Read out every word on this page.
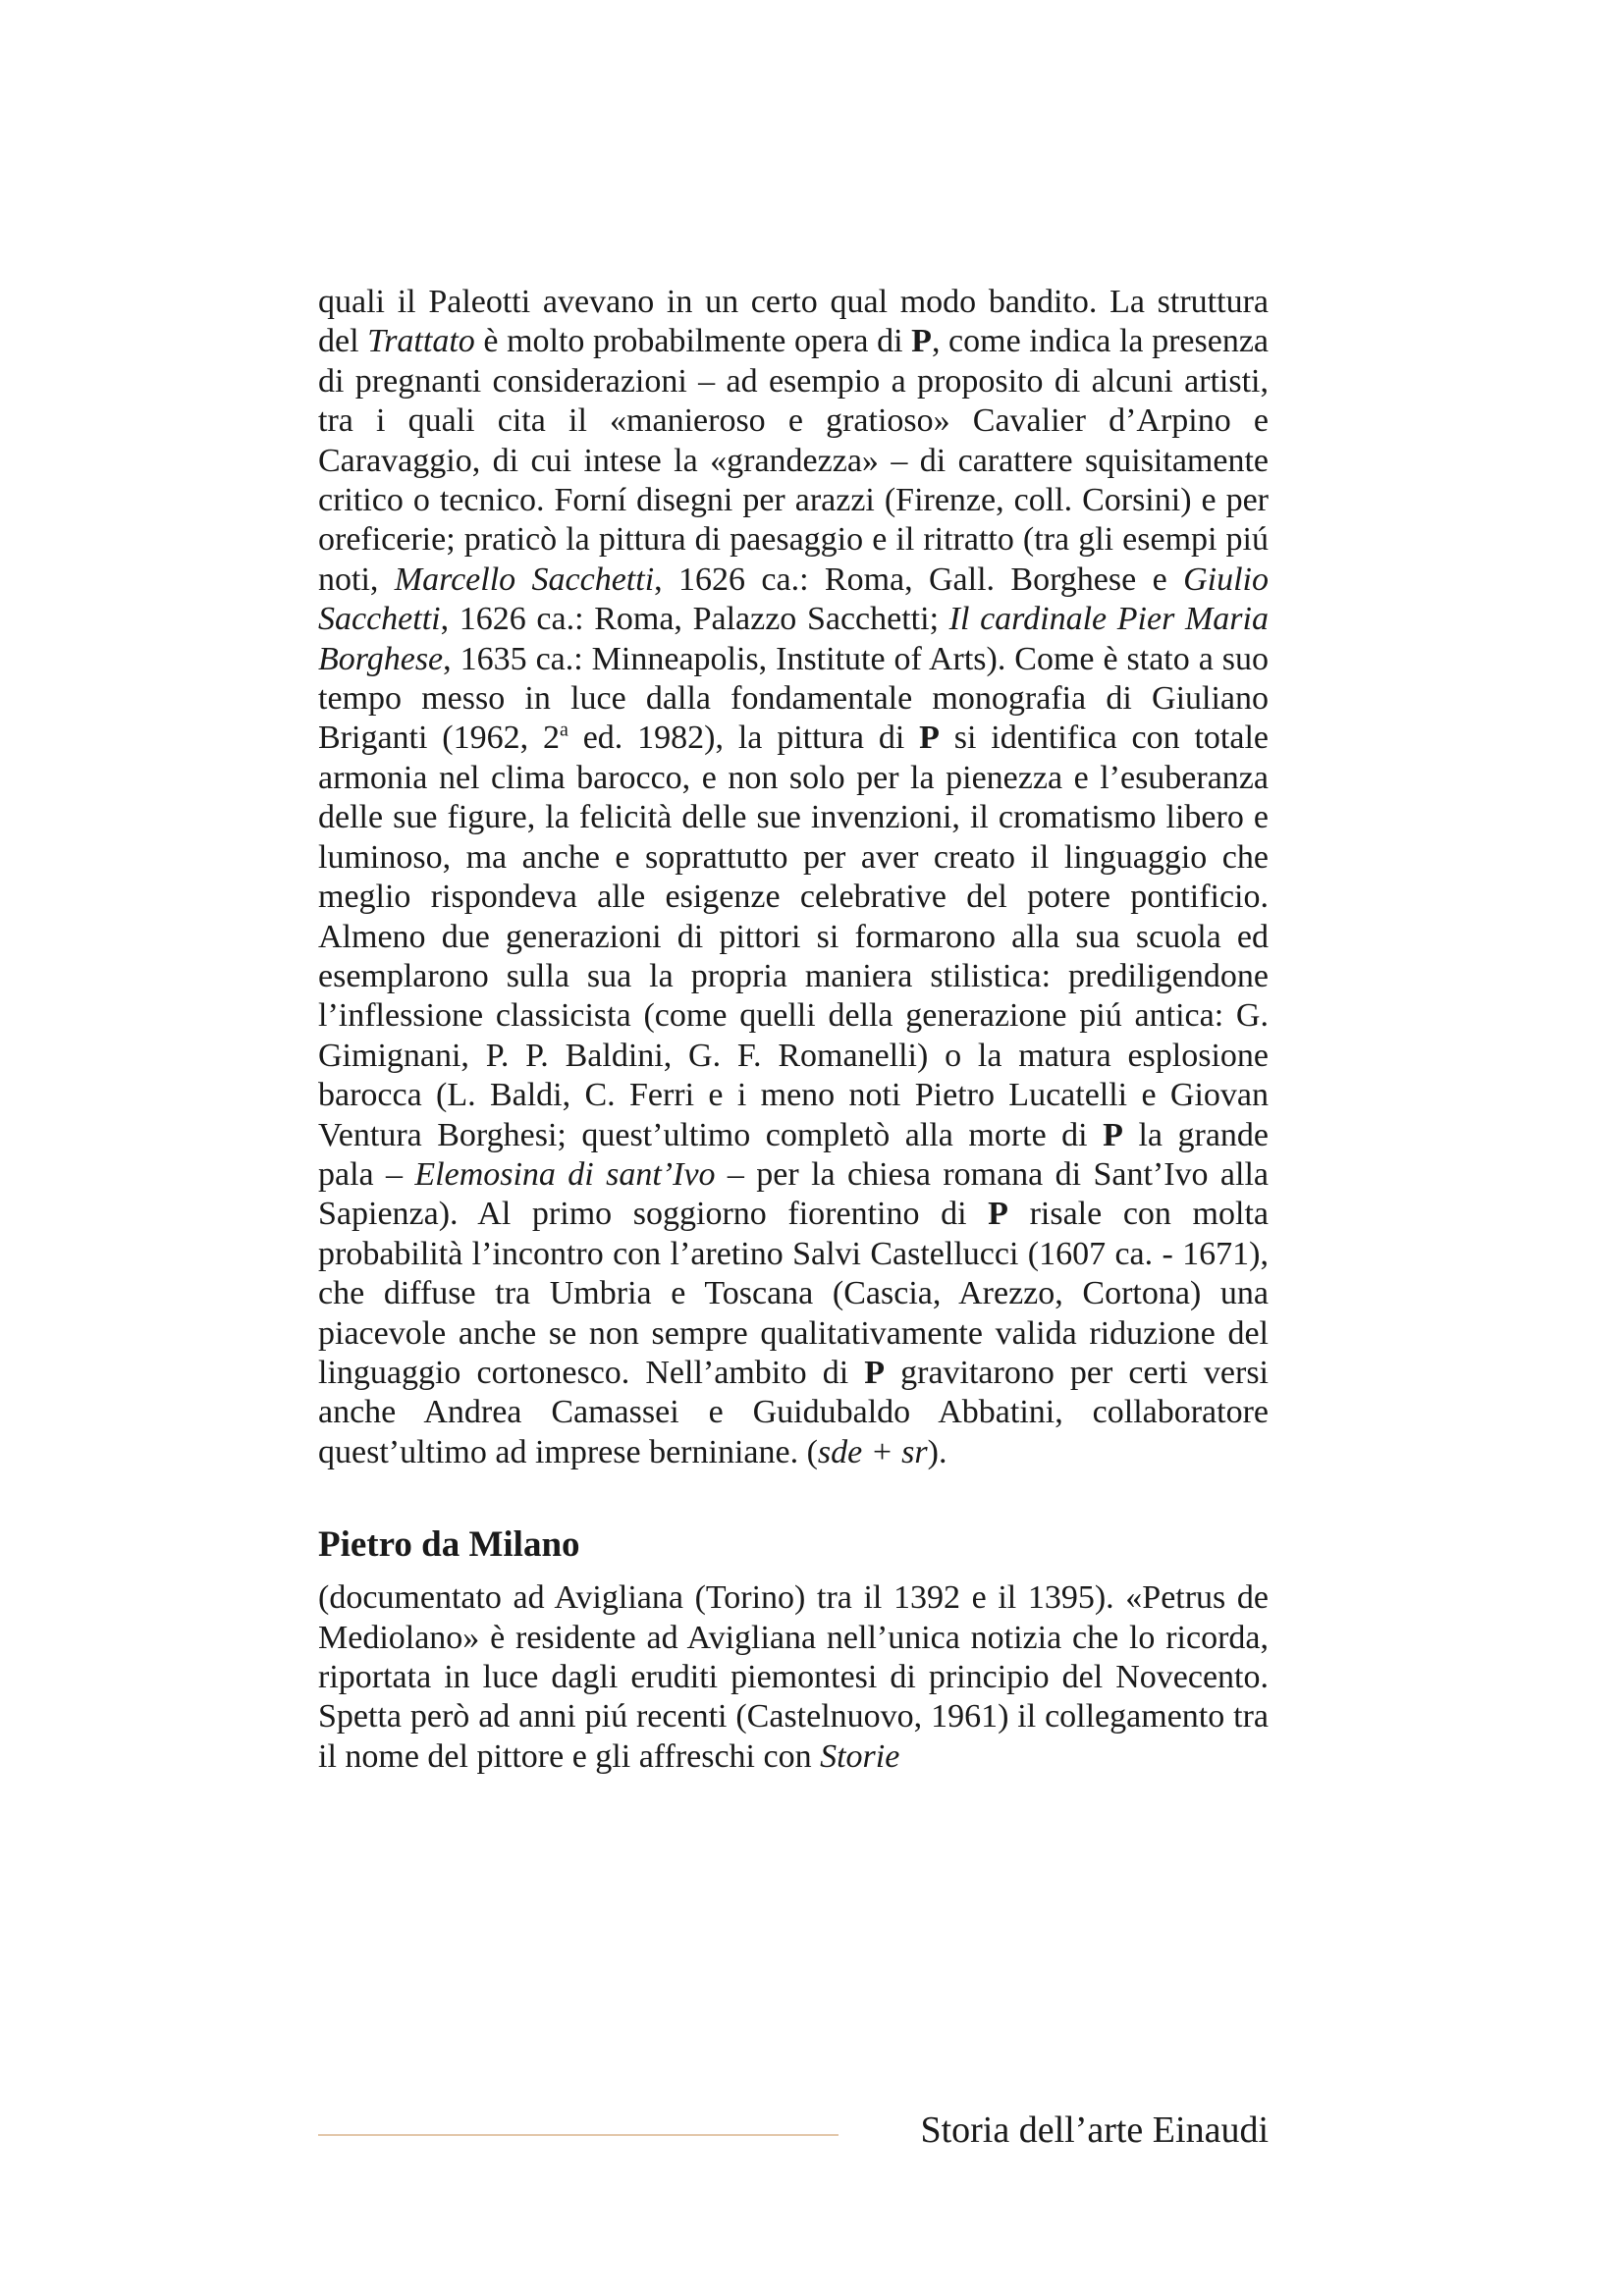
quali il Paleotti avevano in un certo qual modo bandito. La struttura del Trattato è molto probabilmente opera di P, come indica la presenza di pregnanti considerazioni – ad esempio a proposito di alcuni artisti, tra i quali cita il «manieroso e gratioso» Cavalier d’Arpino e Caravaggio, di cui intese la «grandezza» – di carattere squisitamente critico o tecnico. Forní disegni per arazzi (Firenze, coll. Corsini) e per oreficerie; praticò la pittura di paesaggio e il ritratto (tra gli esempi piú noti, Marcello Sacchetti, 1626 ca.: Roma, Gall. Borghese e Giulio Sacchetti, 1626 ca.: Roma, Palazzo Sacchetti; Il cardinale Pier Maria Borghese, 1635 ca.: Minneapolis, Institute of Arts). Come è stato a suo tempo messo in luce dalla fondamentale monografia di Giuliano Briganti (1962, 2$^a$ ed. 1982), la pittura di P si identifica con totale armonia nel clima barocco, e non solo per la pienezza e l’esuberanza delle sue figure, la felicità delle sue invenzioni, il cromatismo libero e luminoso, ma anche e soprattutto per aver creato il linguaggio che meglio rispondeva alle esigenze celebrative del potere pontificio. Almeno due generazioni di pittori si formarono alla sua scuola ed esemplarono sulla sua la propria maniera stilistica: prediligendone l’inflessione classicista (come quelli della generazione piú antica: G. Gimignani, P. P. Baldini, G. F. Romanelli) o la matura esplosione barocca (L. Baldi, C. Ferri e i meno noti Pietro Lucatelli e Giovan Ventura Borghesi; quest’ultimo completò alla morte di P la grande pala – Elemosina di sant’Ivo – per la chiesa romana di Sant’Ivo alla Sapienza). Al primo soggiorno fiorentino di P risale con molta probabilità l’incontro con l’aretino Salvi Castellucci (1607 ca. - 1671), che diffuse tra Umbria e Toscana (Cascia, Arezzo, Cortona) una piacevole anche se non sempre qualitativamente valida riduzione del linguaggio cortonesco. Nell’ambito di P gravitarono per certi versi anche Andrea Camassei e Guidubaldo Abbatini, collaboratore quest’ultimo ad imprese berniniane. (sde + sr).

Pietro da Milano

(documentato ad Avigliana (Torino) tra il 1392 e il 1395). «Petrus de Mediolano» è residente ad Avigliana nell’unica notizia che lo ricorda, riportata in luce dagli eruditi piemontesi di principio del Novecento. Spetta però ad anni piú recenti (Castelnuovo, 1961) il collegamento tra il nome del pittore e gli affreschi con Storie

Storia dell’arte Einaudi
